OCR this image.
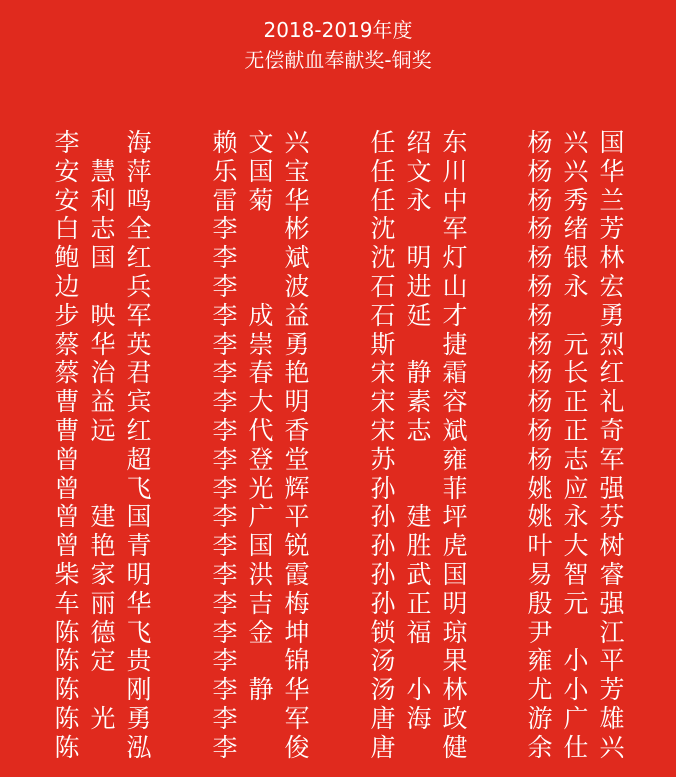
2018-2019年度
无偿献血奉献奖-铜奖
李 海
安 慧 萍
安 利 鸣
白 志 全
鲍 国 红
边 兵
步 映 军
蔡 华 英
蔡 治 君
曹 益 宾
曹 远 红
曾 超
曾 飞
曾 建 国
曾 艳 青
柴 家 明
车 丽 华
陈 德 飞
陈 定 贵
陈 刚
陈 光 勇
陈 泓
赖 文 兴
乐 国 宝
雷 菊 华
李 彬
李 斌
李 波
李 成 益
李 崇 勇
李 春 艳
李 大 明
李 代 香
李 登 堂
李 光 辉
李 广 平
李 国 锐
李 洪 霞
李 吉 梅
李 金 坤
李 锦
李 静 华
李 军
李 俊
任 绍 东
任 文 川
任 永 中
沈 军
沈 明 灯
石 进 山
石 延 才
斯 捷
宋 静 霜
宋 素 容
宋 志 斌
苏 雍
孙 菲
孙 建 坪
孙 胜 虎
孙 武 国
孙 正 明
锁 福 琼
汤 果
汤 小 林
唐 海 政
唐 健
杨 兴 国
杨 兴 华
杨 秀 兰
杨 绪 芳
杨 银 林
杨 永 宏
杨 勇
杨 元 烈
杨 长 红
杨 正 礼
杨 正 奇
杨 志 军
姚 应 强
姚 永 芬
叶 大 树
易 智 睿
殷 元 强
尹 江
雍 小 平
尤 小 芳
游 广 雄
余 仕 兴
